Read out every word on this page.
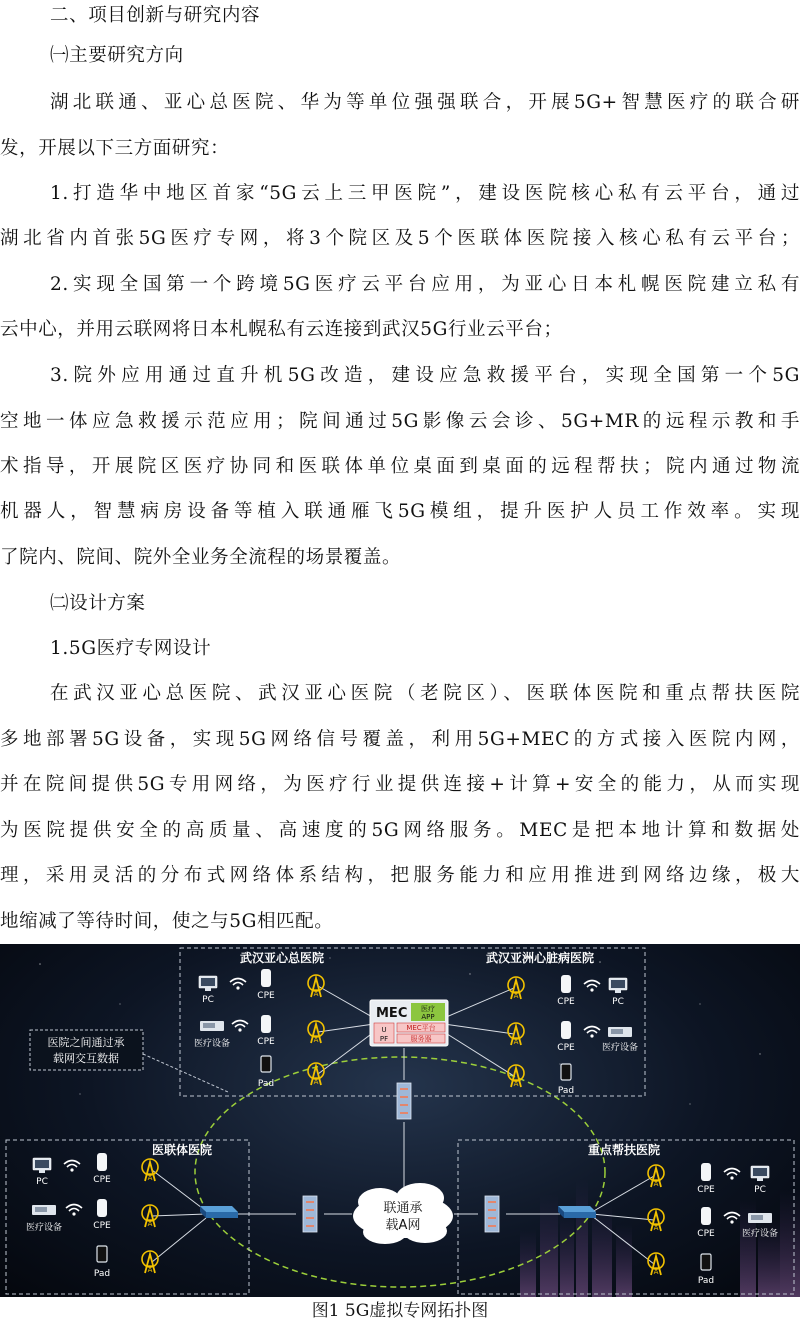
二、项目创新与研究内容
㈠主要研究方向
湖北联通、亚心总医院、华为等单位强强联合，开展5G+智慧医疗的联合研
发，开展以下三方面研究：
1.打造华中地区首家“5G云上三甲医院”，建设医院核心私有云平台，通过
湖北省内首张5G医疗专网，将3个院区及5个医联体医院接入核心私有云平台；
2.实现全国第一个跨境5G医疗云平台应用，为亚心日本札幌医院建立私有
云中心，并用云联网将日本札幌私有云连接到武汉5G行业云平台；
3.院外应用通过直升机5G改造，建设应急救援平台，实现全国第一个5G
空地一体应急救援示范应用；院间通过5G影像云会诊、5G+MR的远程示教和手
术指导，开展院区医疗协同和医联体单位桌面到桌面的远程帮扶；院内通过物流
机器人，智慧病房设备等植入联通雁飞5G模组，提升医护人员工作效率。实现
了院内、院间、院外全业务全流程的场景覆盖。
㈡设计方案
1.5G医疗专网设计
在武汉亚心总医院、武汉亚心医院（老院区）、医联体医院和重点帮扶医院
多地部署5G设备，实现5G网络信号覆盖，利用5G+MEC的方式接入医院内网，
并在院间提供5G专用网络，为医疗行业提供连接+计算+安全的能力，从而实现
为医院提供安全的高质量、高速度的5G网络服务。MEC是把本地计算和数据处
理，采用灵活的分布式网络体系结构，把服务能力和应用推进到网络边缘，极大
地缩减了等待时间，使之与5G相匹配。
医院之间通过承
载网交互数据
武汉亚心总医院	武汉亚洲心脏病医院
医联体医院	重点帮扶医院
MEC 医疗
APP
U
PF
MEC平台
服务器
联通承
载A网
PC	CPE	A
医疗设备	CPE	A
Pad	A
A
CPE	PC
A
CPE	医疗设备
A
Pad
PC	CPE	A
医疗设备	CPE	A
Pad	A
A
CPE	PC
A
CPE	医疗设备
A
Pad
图1 5G虚拟专网拓扑图
